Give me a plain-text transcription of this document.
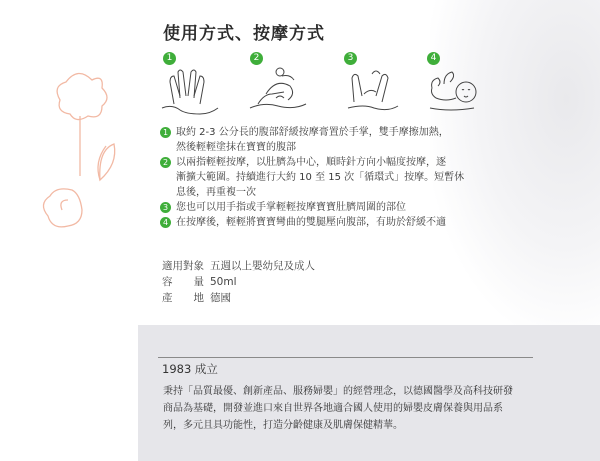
使用方式、按摩方式
1	2	3	4
1 取約 2-3 公分長的腹部舒緩按摩膏置於手掌，雙手摩擦加熱，
然後輕輕塗抹在寶寶的腹部
2 以兩指輕輕按摩，以肚臍為中心，順時針方向小幅度按摩，逐
漸擴大範圍。持續進行大約 10 至 15 次「循環式」按摩。短暫休
息後，再重複一次
3 您也可以用手指或手掌輕輕按摩寶寶肚臍周圍的部位
4 在按摩後，輕輕將寶寶彎曲的雙腿壓向腹部，有助於舒緩不適
適用對象 五週以上嬰幼兒及成人
容　　量 50ml
產　　地 德國
1983 成立
秉持「品質最優、創新產品、服務婦嬰」的經營理念，以德國醫學及高科技研發
商品為基礎，開發並進口來自世界各地適合國人使用的婦嬰皮膚保養與用品系
列，多元且具功能性，打造分齡健康及肌膚保健精華。
